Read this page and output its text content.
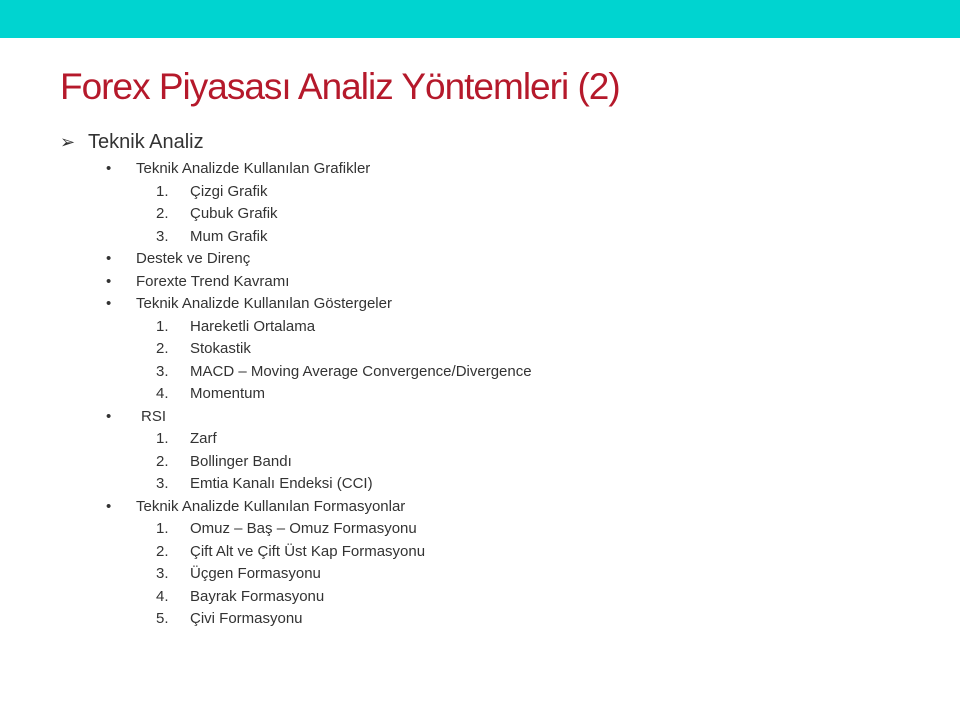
Forex Piyasası Analiz Yöntemleri (2)
➢ Teknik Analiz
• Teknik Analizde Kullanılan Grafikler
1. Çizgi Grafik
2. Çubuk Grafik
3. Mum Grafik
• Destek ve Direnç
• Forexte Trend Kavramı
• Teknik Analizde Kullanılan Göstergeler
1. Hareketli Ortalama
2. Stokastik
3. MACD – Moving Average Convergence/Divergence
4. Momentum
• RSI
1. Zarf
2. Bollinger Bandı
3. Emtia Kanalı Endeksi (CCI)
• Teknik Analizde Kullanılan Formasyonlar
1. Omuz – Baş – Omuz Formasyonu
2. Çift Alt ve Çift Üst Kap Formasyonu
3. Üçgen Formasyonu
4. Bayrak Formasyonu
5. Çivi Formasyonu
